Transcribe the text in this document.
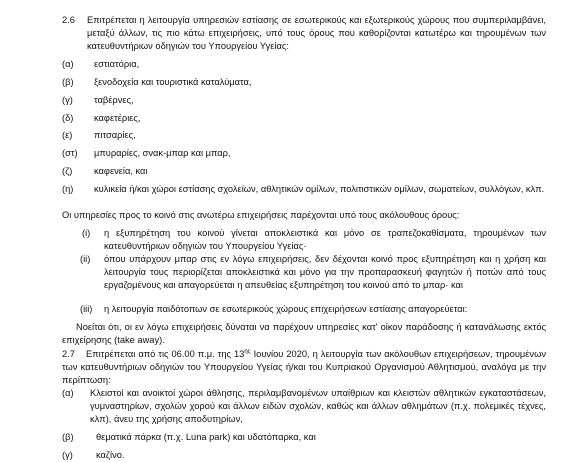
2.6 Επιτρέπεται η λειτουργία υπηρεσιών εστίασης σε εσωτερικούς και εξωτερικούς χώρους που συμπεριλαμβάνει, μεταξύ άλλων, τις πιο κάτω επιχειρήσεις, υπό τους όρους που καθορίζονται κατωτέρω και τηρουμένων των κατευθυντήριων οδηγιών του Υπουργείου Υγείας:
(α) εστιατόρια,
(β) ξενοδοχεία και τουριστικά καταλύματα,
(γ) ταβέρνες,
(δ) καφετέριες,
(ε) πιτσαρίες,
(στ) μπυραρίες, σνακ-μπαρ και μπαρ,
(ζ) καφενεία, και
(η) κυλικεία ή/και χώροι εστίασης σχολείων, αθλητικών ομίλων, πολιτιστικών ομίλων, σωματείων, συλλόγων, κλπ.
Οι υπηρεσίες προς το κοινό στις ανωτέρω επιχειρήσεις παρέχονται υπό τους ακόλουθους όρους:
(i) η εξυπηρέτηση του κοινού γίνεται αποκλειστικά και μόνο σε τραπεζοκαθίσματα, τηρουμένων των κατευθυντήριων οδηγιών του Υπουργείου Υγείας·
(ii) όπου υπάρχουν μπαρ στις εν λόγω επιχειρήσεις, δεν δέχονται κοινό προς εξυπηρέτηση και η χρήση και λειτουργία τους περιορίζεται αποκλειστικά και μόνο για την προπαρασκευή φαγητών ή ποτών από τους εργαζομένους και απαγορεύεται η απευθείας εξυπηρέτηση του κοινού από το μπαρ· και
(iii) η λειτουργία παιδότοπων σε εσωτερικούς χώρους επιχειρήσεων εστίασης απαγορεύεται:
Νοείται ότι, οι εν λόγω επιχειρήσεις δύναται να παρέχουν υπηρεσίες κατ' οίκον παράδοσης ή κατανάλωσης εκτός επιχείρησης (take away).
2.7	Επιτρέπεται από τις 06.00 π.μ. της $13^{\eta\varsigma}$ Ιουνίου 2020, η λειτουργία των ακόλουθων επιχειρήσεων, τηρουμένων των κατευθυντήριων οδηγιών του Υπουργείου Υγείας ή/και του Κυπριακού Οργανισμού Αθλητισμού, αναλόγα με την περίπτωση:
(α) Κλειστοί και ανοικτοί χώροι άθλησης, περιλαμβανομένων υπαίθριων και κλειστών αθλητικών εγκαταστάσεων, γυμναστηρίων, σχολών χορού και άλλων ειδών σχολών, καθώς και άλλων αθλημάτων (π.χ. πολεμικές τέχνες, κλπ), άνευ της χρήσης αποδυτηρίων,
(β) θεματικά πάρκα (π.χ. Luna park) και υδατόπαρκα, και
(γ) καζίνο.
